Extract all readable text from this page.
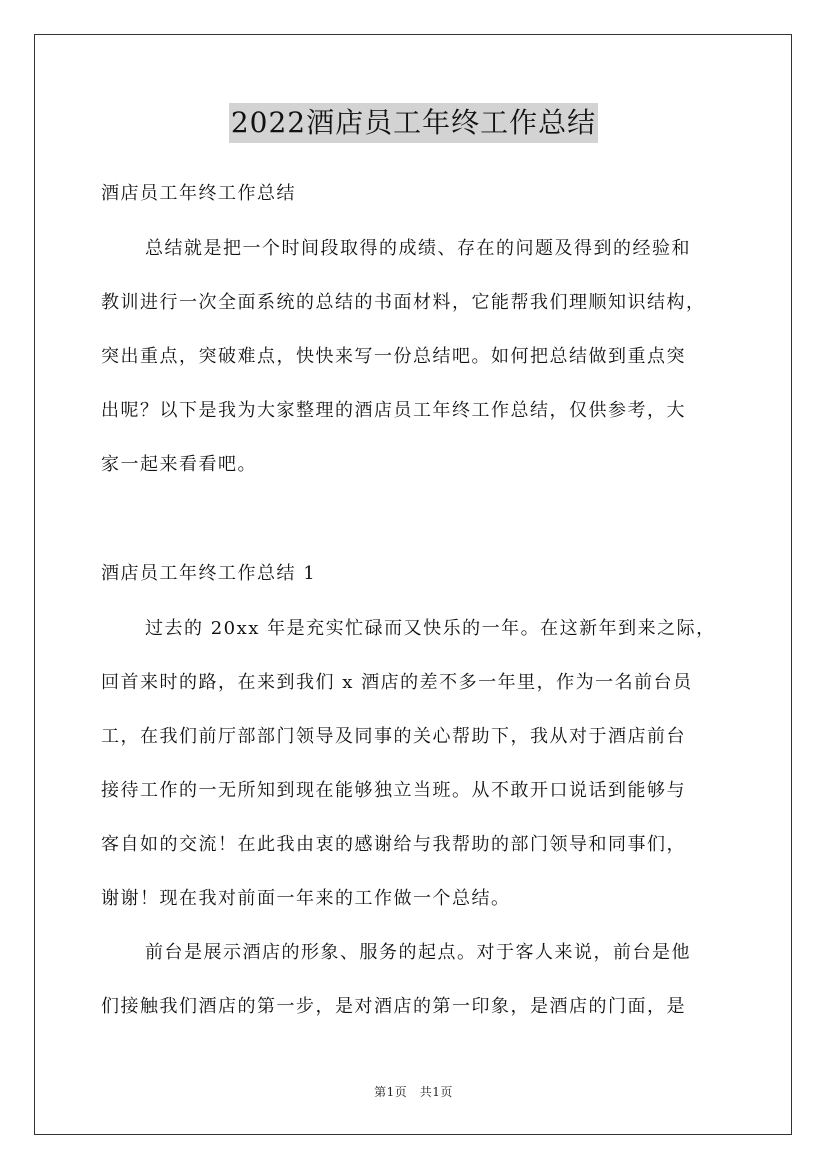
2022酒店员工年终工作总结
酒店员工年终工作总结
总结就是把一个时间段取得的成绩、存在的问题及得到的经验和
教训进行一次全面系统的总结的书面材料，它能帮我们理顺知识结构，
突出重点，突破难点，快快来写一份总结吧。如何把总结做到重点突
出呢？以下是我为大家整理的酒店员工年终工作总结，仅供参考，大
家一起来看看吧。
酒店员工年终工作总结 1
过去的 20xx 年是充实忙碌而又快乐的一年。在这新年到来之际，
回首来时的路，在来到我们 x 酒店的差不多一年里，作为一名前台员
工，在我们前厅部部门领导及同事的关心帮助下，我从对于酒店前台
接待工作的一无所知到现在能够独立当班。从不敢开口说话到能够与
客自如的交流！在此我由衷的感谢给与我帮助的部门领导和同事们，
谢谢！现在我对前面一年来的工作做一个总结。
前台是展示酒店的形象、服务的起点。对于客人来说，前台是他
们接触我们酒店的第一步，是对酒店的第一印象，是酒店的门面，是
第1页　共1页
